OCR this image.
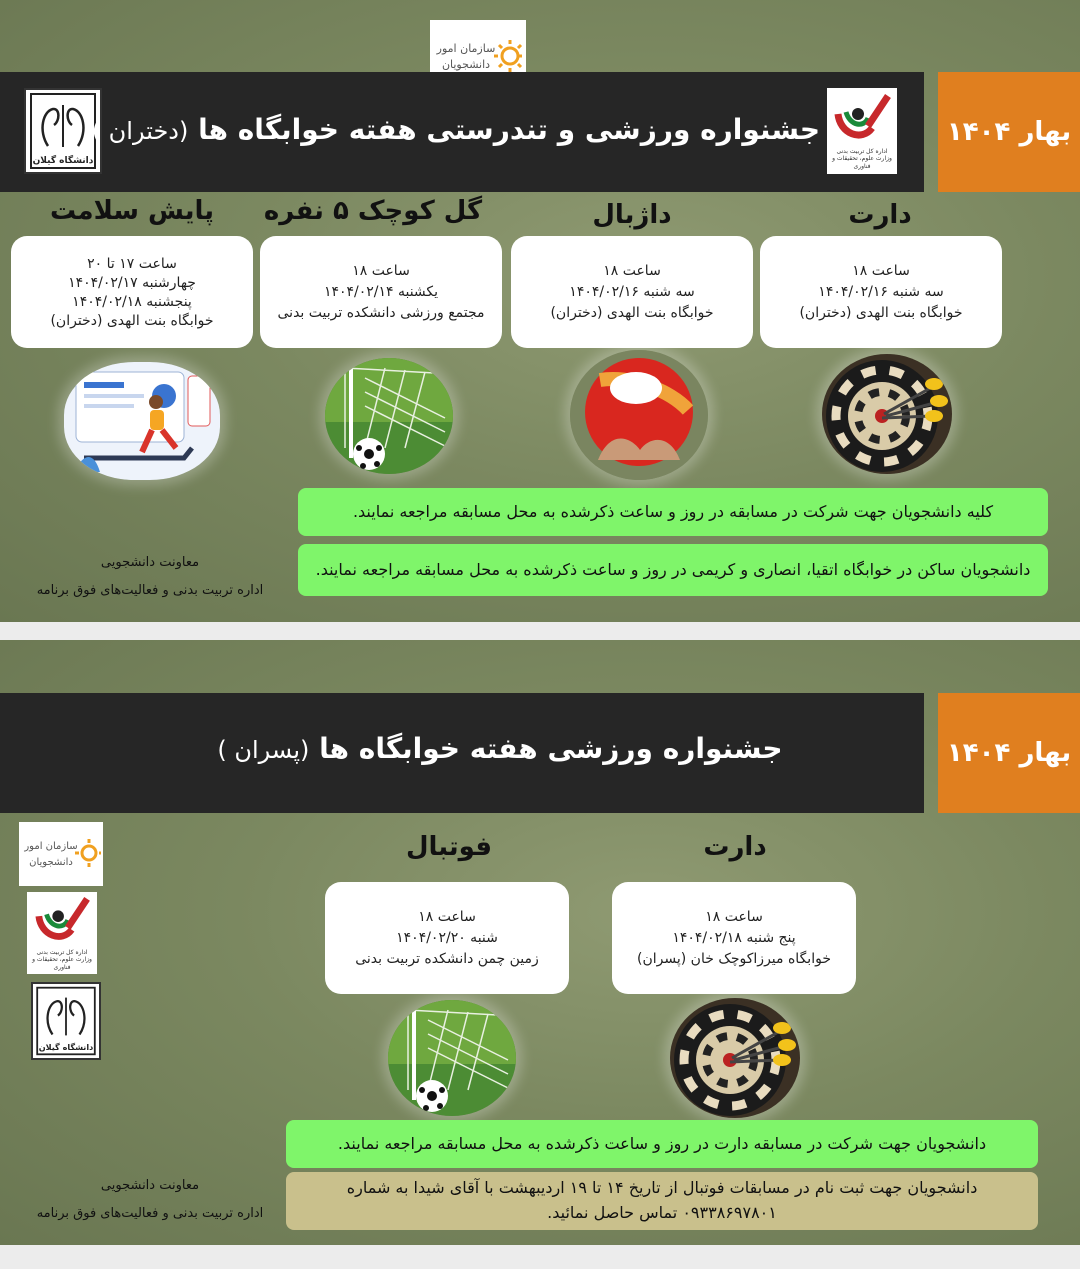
سازمان امور
دانشجویان
بهار ۱۴۰۴
دانشگاه گیلان
جشنواره ورزشی و تندرستی هفته خوابگاه ها (دختران )
اداره کل تربیت بدنی وزارت علوم، تحقیقات و فناوری
دارت
داژبال
گل کوچک ۵ نفره
پایش سلامت
ساعت ۱۸
سه شنبه ۱۴۰۴/۰۲/۱۶
خوابگاه بنت الهدی (دختران)
ساعت ۱۸
سه شنبه ۱۴۰۴/۰۲/۱۶
خوابگاه بنت الهدی (دختران)
ساعت ۱۸
یکشنبه ۱۴۰۴/۰۲/۱۴
مجتمع ورزشی دانشکده تربیت بدنی
ساعت ۱۷ تا ۲۰
چهارشنبه ۱۴۰۴/۰۲/۱۷
پنجشنبه ۱۴۰۴/۰۲/۱۸
خوابگاه بنت الهدی (دختران)
کلیه دانشجویان جهت شرکت در مسابقه در روز و ساعت ذکرشده به محل مسابقه مراجعه نمایند.
دانشجویان ساکن در خوابگاه اتقیا، انصاری و کریمی در روز و ساعت ذکرشده به محل مسابقه مراجعه نمایند.
معاونت دانشجویی
اداره تربیت بدنی و فعالیت‌های فوق برنامه
بهار ۱۴۰۴
جشنواره ورزشی هفته خوابگاه ها (پسران )
سازمان امور
دانشجویان
اداره کل تربیت بدنی وزارت علوم، تحقیقات و فناوری
دانشگاه گیلان
دارت
فوتبال
ساعت ۱۸
پنج شنبه ۱۴۰۴/۰۲/۱۸
خوابگاه میرزاکوچک خان (پسران)
ساعت ۱۸
شنبه ۱۴۰۴/۰۲/۲۰
زمین چمن دانشکده تربیت بدنی
دانشجویان جهت شرکت در مسابقه دارت در روز و ساعت ذکرشده به محل مسابقه مراجعه نمایند.
دانشجویان جهت ثبت نام در مسابقات فوتبال از تاریخ ۱۴ تا ۱۹ اردیبهشت با آقای شیدا به شماره
۰۹۳۳۸۶۹۷۸۰۱ تماس حاصل نمائید.
معاونت دانشجویی
اداره تربیت بدنی و فعالیت‌های فوق برنامه
